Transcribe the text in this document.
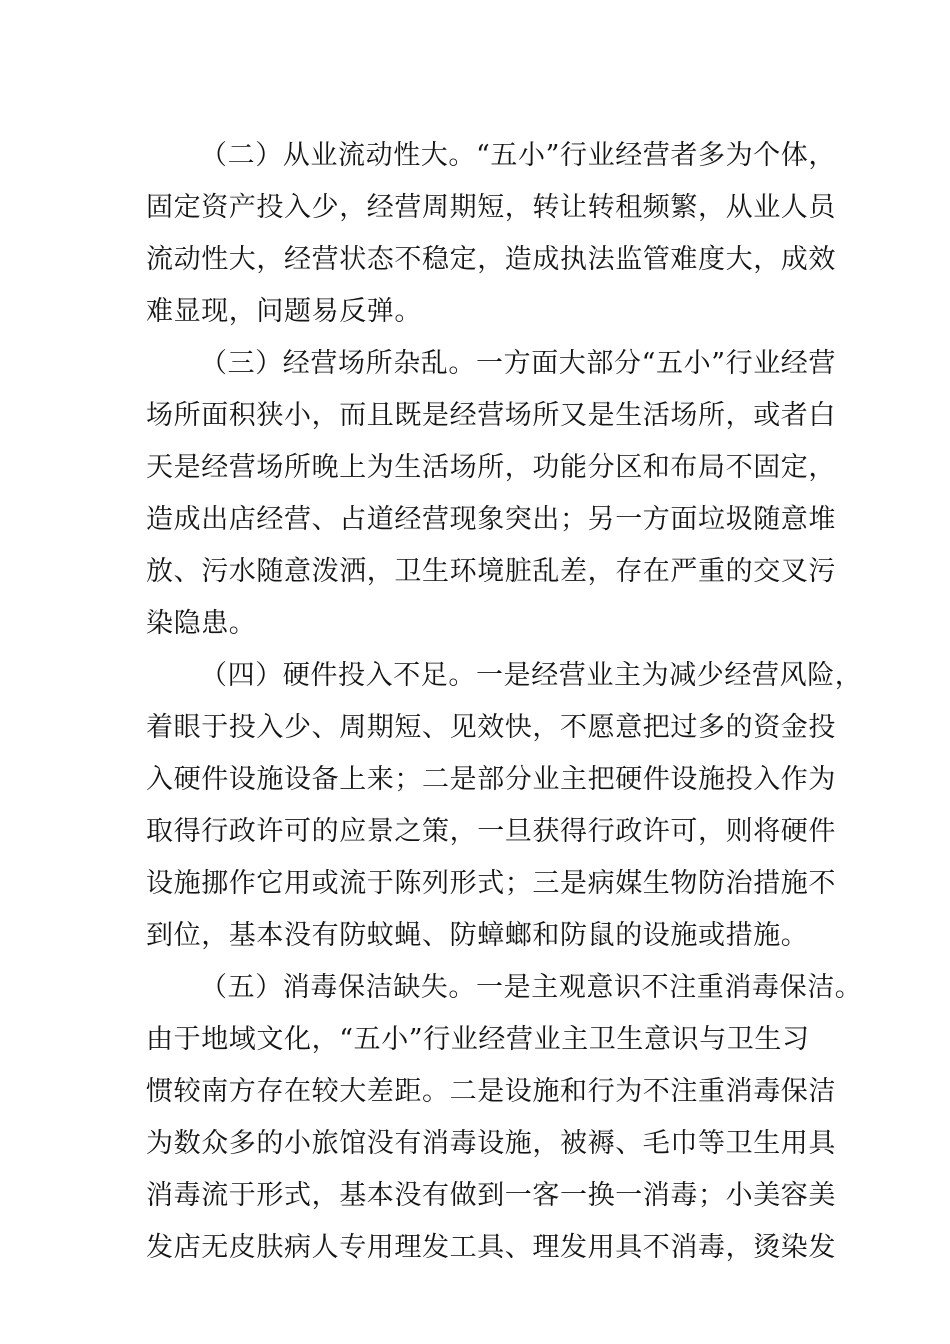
（二）从业流动性大。“五小”行业经营者多为个体，
固定资产投入少，经营周期短，转让转租频繁，从业人员
流动性大，经营状态不稳定，造成执法监管难度大，成效
难显现，问题易反弹。
（三）经营场所杂乱。一方面大部分“五小”行业经营
场所面积狭小，而且既是经营场所又是生活场所，或者白
天是经营场所晚上为生活场所，功能分区和布局不固定，
造成出店经营、占道经营现象突出；另一方面垃圾随意堆
放、污水随意泼洒，卫生环境脏乱差，存在严重的交叉污
染隐患。
（四）硬件投入不足。一是经营业主为减少经营风险，
着眼于投入少、周期短、见效快，不愿意把过多的资金投
入硬件设施设备上来；二是部分业主把硬件设施投入作为
取得行政许可的应景之策，一旦获得行政许可，则将硬件
设施挪作它用或流于陈列形式；三是病媒生物防治措施不
到位，基本没有防蚊蝇、防蟑螂和防鼠的设施或措施。
（五）消毒保洁缺失。一是主观意识不注重消毒保洁。
由于地域文化，“五小”行业经营业主卫生意识与卫生习
惯较南方存在较大差距。二是设施和行为不注重消毒保洁
为数众多的小旅馆没有消毒设施，被褥、毛巾等卫生用具
消毒流于形式，基本没有做到一客一换一消毒；小美容美
发店无皮肤病人专用理发工具、理发用具不消毒，烫染发
